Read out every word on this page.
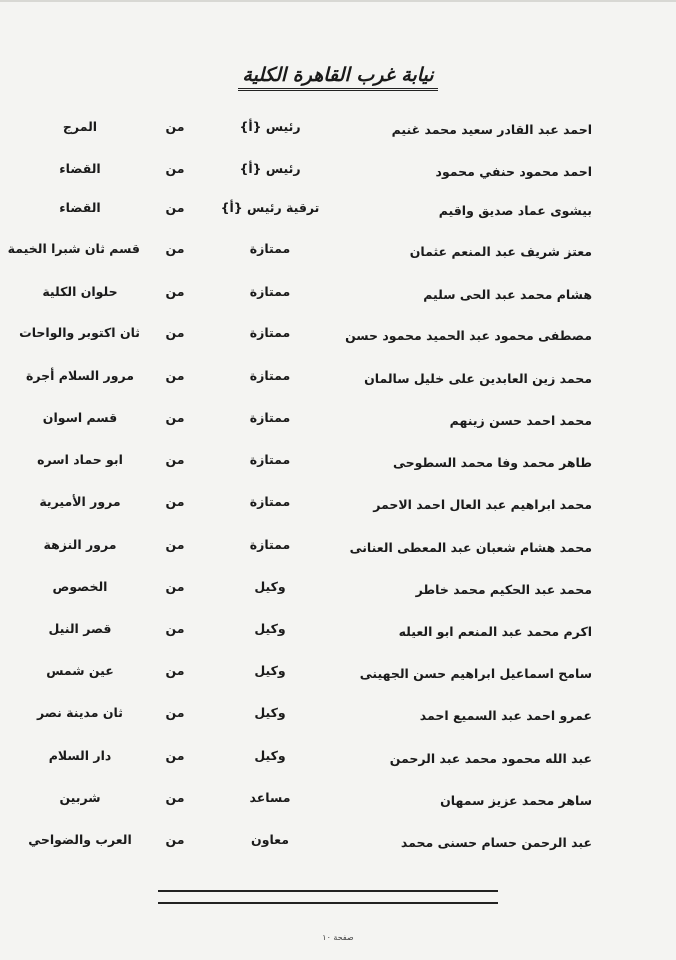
نيابة غرب القاهرة الكلية
احمد عبد القادر سعيد محمد غنيم
رئيس {أ}
من
المرج
احمد محمود حنفي محمود
رئيس {أ}
من
القضاء
بيشوى عماد صديق واقيم
ترقية رئيس {أ}
من
القضاء
معتز شريف عبد المنعم عثمان
ممتازة
من
قسم ثان شبرا الخيمة
هشام محمد عبد الحى سليم
ممتازة
من
حلوان الكلية
مصطفى محمود عبد الحميد محمود حسن
ممتازة
من
ثان اكتوبر والواحات
محمد زين العابدين على خليل سالمان
ممتازة
من
مرور السلام أجرة
محمد احمد حسن زينهم
ممتازة
من
قسم اسوان
طاهر محمد وفا محمد السطوحى
ممتازة
من
ابو حماد اسره
محمد ابراهيم عبد العال احمد الاحمر
ممتازة
من
مرور الأميرية
محمد هشام شعبان عبد المعطى العنانى
ممتازة
من
مرور النزهة
محمد عبد الحكيم محمد خاطر
وكيل
من
الخصوص
اكرم محمد عبد المنعم ابو العيله
وكيل
من
قصر النيل
سامح اسماعيل ابراهيم حسن الجهينى
وكيل
من
عين شمس
عمرو احمد عبد السميع احمد
وكيل
من
ثان مدينة نصر
عبد الله محمود محمد عبد الرحمن
وكيل
من
دار السلام
ساهر محمد عزيز سمهان
مساعد
من
شربين
عبد الرحمن حسام حسنى محمد
معاون
من
العرب والضواحي
صفحة ١٠
